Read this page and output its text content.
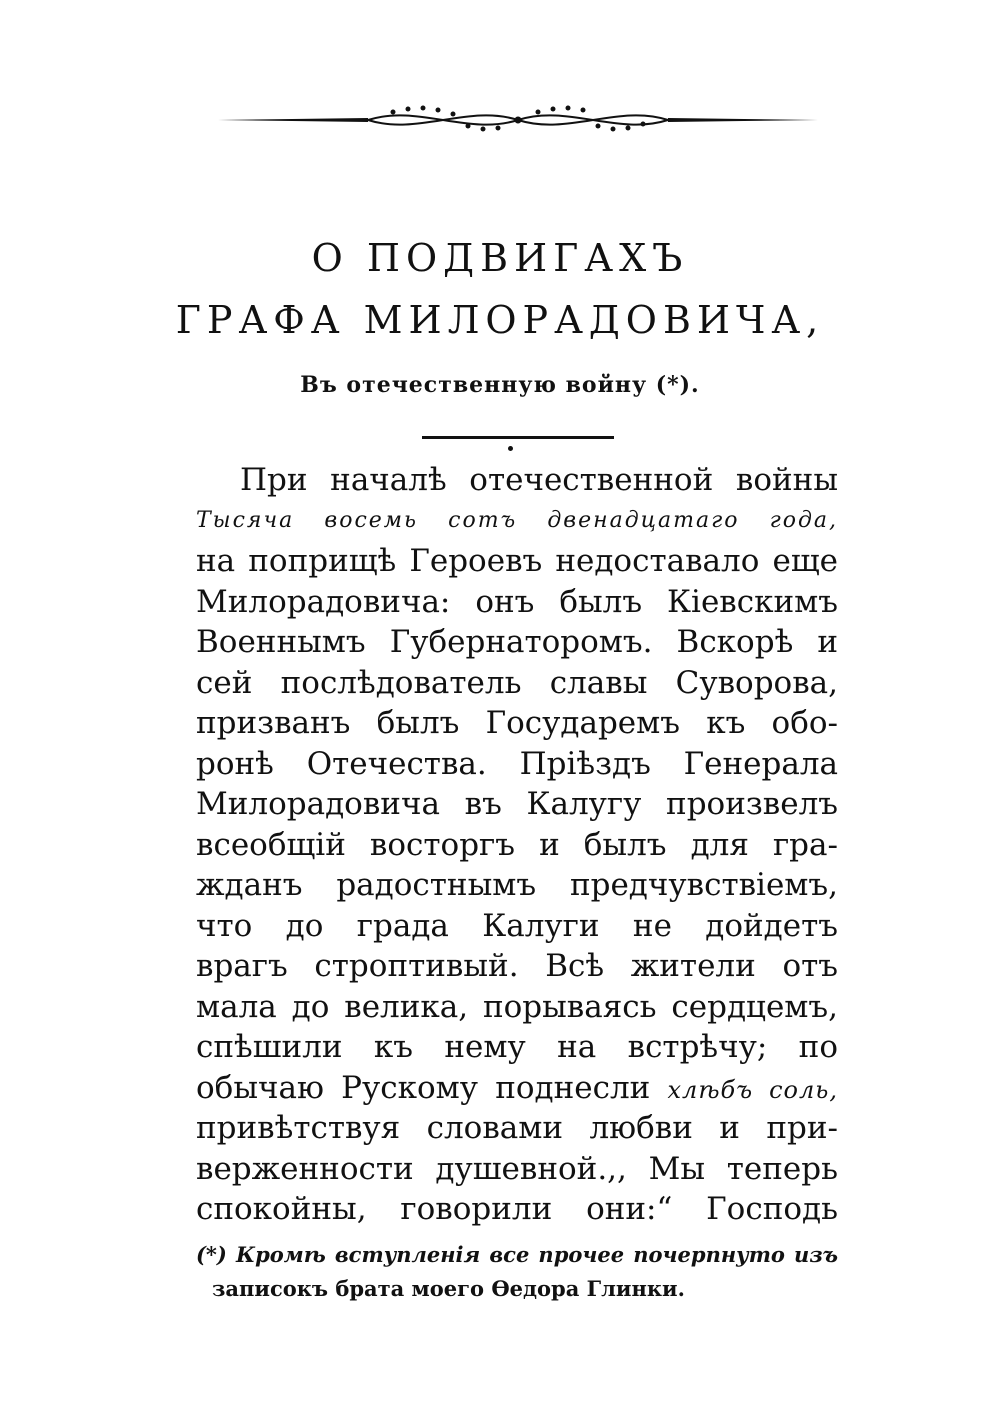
О ПОДВИГАХЪ
ГРАФА МИЛОРАДОВИЧА,
Въ отечественную войну (*).
При началѣ отечественной войны
Тысяча восемь сотъ двенадцатаго года,
на поприщѣ Героевъ недоставало еще
Милорадовича: онъ былъ Кіевскимъ
Военнымъ Губернаторомъ. Вскорѣ и
сей послѣдователь славы Суворова,
призванъ былъ Государемъ къ обо-
ронѣ Отечества. Пріѣздъ Генерала
Милорадовича въ Калугу произвелъ
всеобщій восторгъ и былъ для гра-
жданъ радостнымъ предчувствіемъ,
что до града Калуги не дойдетъ
врагъ строптивый. Всѣ жители отъ
мала до велика, порываясь сердцемъ,
спѣшили къ нему на встрѣчу; по
обычаю Рускому поднесли хлѣбъ соль,
привѣтствуя словами любви и при-
верженности душевной.,, Мы теперь
спокойны, говорили они:“ Господь
(*) Кромѣ вступленія все прочее почерпнуто изъ
записокъ брата моего Ѳедора Глинки.
